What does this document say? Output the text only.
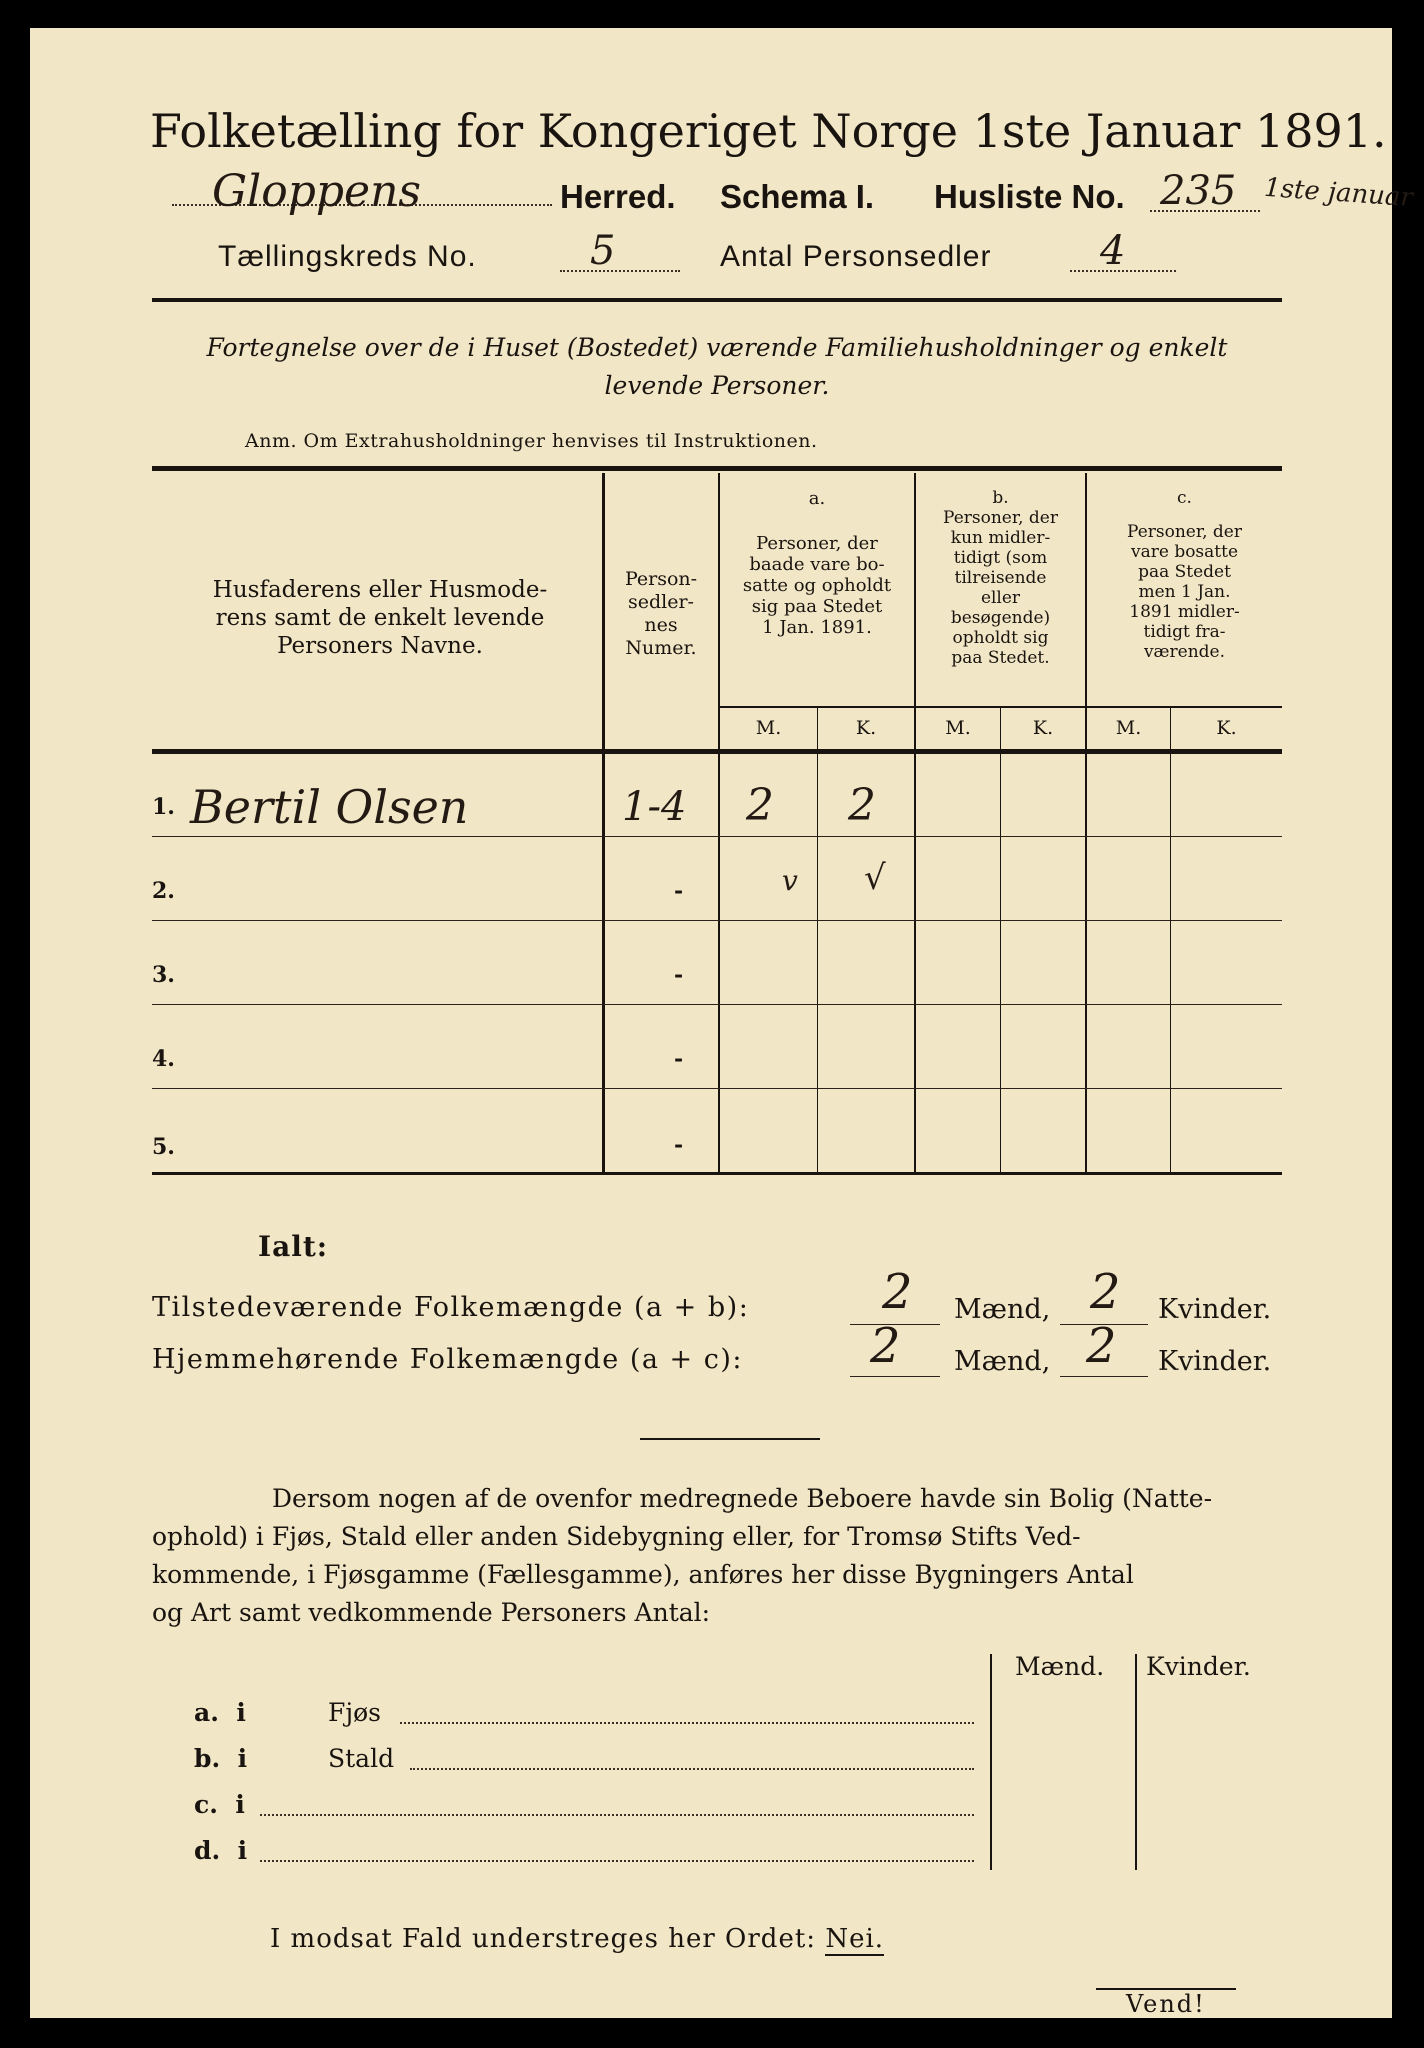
Folketælling for Kongeriget Norge 1ste Januar 1891.
Gloppens	Herred. Schema I. Husliste No. 235 1ste januar
Tællingskreds No.	5	Antal Personsedler	4
Fortegnelse over de i Huset (Bostedet) værende Familiehusholdninger og enkelt
levende Personer.
Anm. Om Extrahusholdninger henvises til Instruktionen.
Husfaderens eller Husmode-
rens samt de enkelt levende
Personers Navne.
Person-
sedler-
nes
Numer.
a.
Personer, der
baade vare bo-
satte og opholdt
sig paa Stedet
1 Jan. 1891.
b.
Personer, der
kun midler-
tidigt (som
tilreisende
eller
besøgende)
opholdt sig
paa Stedet.
c.
Personer, der
vare bosatte
paa Stedet
men 1 Jan.
1891 midler-
tidigt fra-
værende.
M.	K.	M.	K.	M.	K.
1. Bertil Olsen	1-4 2 2
2.	-	v √
3.	-
4.	-
5.	-
Ialt:
Tilstedeværende Folkemængde (a + b):	2 Mænd, 2 Kvinder.
Hjemmehørende Folkemængde (a + c):	2 Mænd, 2 Kvinder.
Dersom nogen af de ovenfor medregnede Beboere havde sin Bolig (Natte-
ophold) i Fjøs, Stald eller anden Sidebygning eller, for Tromsø Stifts Ved-
kommende, i Fjøsgamme (Fællesgamme), anføres her disse Bygningers Antal
og Art samt vedkommende Personers Antal:
Mænd. Kvinder.
a. i	Fjøs
b. i	Stald
c. i
d. i
I modsat Fald understreges her Ordet: Nei.
Vend!
